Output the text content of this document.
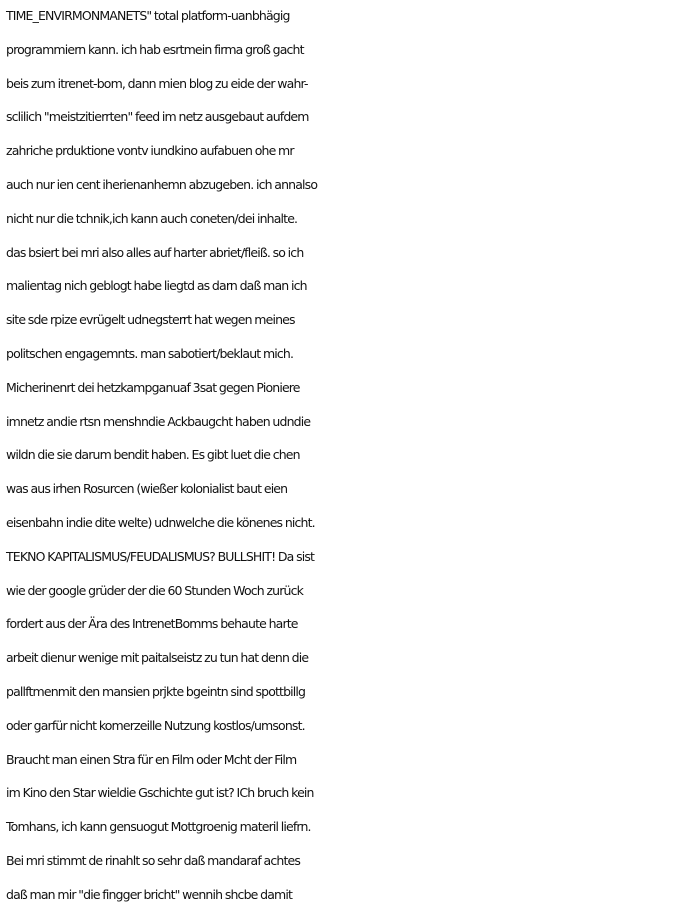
TIME_ENVIRMONMANETS" total platform-uanbhägig
programmiern kann. ich hab esrtmein firma groß gacht
beis zum itrenet-bom, dann mien blog zu eide der wahr-
sclilich "meistzitierrten" feed im netz ausgebaut aufdem
zahriche prduktione vontv iundkino aufabuen ohe mr
auch nur ien cent iherienanhemn abzugeben. ich annalso
nicht nur die tchnik,ich kann auch coneten/dei inhalte.
das bsiert bei mri also alles auf harter abriet/fleiß. so ich
malientag nich geblogt habe liegtd as darn daß man ich
site sde rpize evrügelt udnegsterrt hat wegen meines
politschen engagemnts. man sabotiert/beklaut mich.
Micherinenrt dei hetzkampganuaf 3sat gegen Pioniere
imnetz andie rtsn menshndie Ackbaugcht haben udndie
wildn die sie darum bendit haben. Es gibt luet die chen
was aus irhen Rosurcen (wießer kolonialist baut eien
eisenbahn indie dite welte) udnwelche die könenes nicht.
TEKNO KAPITALISMUS/FEUDALISMUS? BULLSHIT! Da sist
wie der google grüder der die 60 Stunden Woch zurück
fordert aus der Ära des IntrenetBomms behaute harte
arbeit dienur wenige mit paitalseistz zu tun hat denn die
pallftmenmit den mansien prjkte bgeintn sind spottbillg
oder garfür nicht komerzeille Nutzung kostlos/umsonst.
Braucht man einen Stra für en Film oder Mcht der Film
im Kino den Star wieldie Gschichte gut ist? ICh bruch kein
Tomhans, ich kann gensuogut Mottgroenig materil liefrn.
Bei mri stimmt de rinahlt so sehr daß mandaraf achtes
daß man mir "die fingger bricht" wennih shcbe damit
